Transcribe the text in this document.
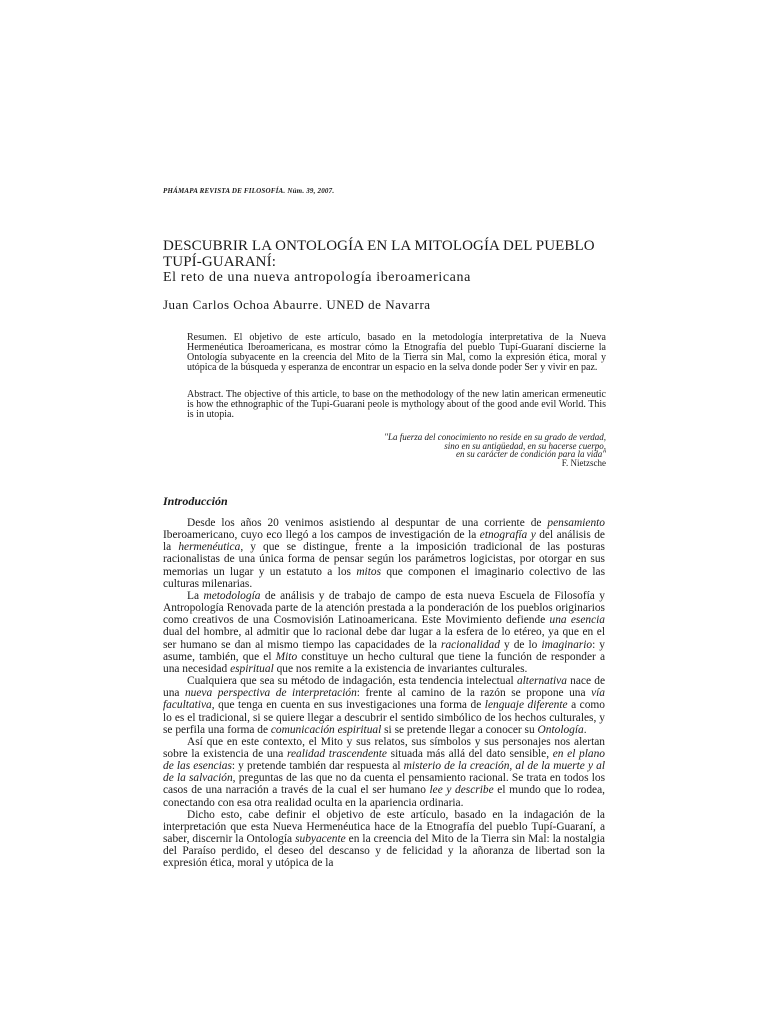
PHÁMAPA REVISTA DE FILOSOFÍA. Núm. 39, 2007.
DESCUBRIR LA ONTOLOGÍA EN LA MITOLOGÍA DEL PUEBLO
TUPÍ-GUARANÍ:
El reto de una nueva antropología iberoamericana
Juan Carlos Ochoa Abaurre. UNED de Navarra

Resumen. El objetivo de este artículo, basado en la metodología interpretativa de la Nueva Hermenéutica Iberoamericana, es mostrar cómo la Etnografía del pueblo Tupí-Guaraní discierne la Ontología subyacente en la creencia del Mito de la Tierra sin Mal, como la expresión ética, moral y utópica de la búsqueda y esperanza de encontrar un espacio en la selva donde poder Ser y vivir en paz.

Abstract. The objective of this article, to base on the methodology of the new latin american ermeneutic is how the ethnographic of the Tupi-Guarani peole is mythology about of the good ande evil World. This is in utopia.

"La fuerza del conocimiento no reside en su grado de verdad,
sino en su antigüedad, en su hacerse cuerpo,
en su carácter de condición para la vida"
F. Nietzsche
Introducción

Desde los años 20 venimos asistiendo al despuntar de una corriente de pensamiento Iberoamericano, cuyo eco llegó a los campos de investigación de la etnografía y del análisis de la hermenéutica, y que se distingue, frente a la imposición tradicional de las posturas racionalistas de una única forma de pensar según los parámetros logicistas, por otorgar en sus memorias un lugar y un estatuto a los mitos que componen el imaginario colectivo de las culturas milenarias.

La metodología de análisis y de trabajo de campo de esta nueva Escuela de Filosofía y Antropología Renovada parte de la atención prestada a la ponderación de los pueblos originarios como creativos de una Cosmovisión Latinoamericana. Este Movimiento defiende una esencia dual del hombre, al admitir que lo racional debe dar lugar a la esfera de lo etéreo, ya que en el ser humano se dan al mismo tiempo las capacidades de la racionalidad y de lo imaginario: y asume, también, que el Mito constituye un hecho cultural que tiene la función de responder a una necesidad espiritual que nos remite a la existencia de invariantes culturales.

Cualquiera que sea su método de indagación, esta tendencia intelectual alternativa nace de una nueva perspectiva de interpretación: frente al camino de la razón se propone una vía facultativa, que tenga en cuenta en sus investigaciones una forma de lenguaje diferente a como lo es el tradicional, si se quiere llegar a descubrir el sentido simbólico de los hechos culturales, y se perfila una forma de comunicación espiritual si se pretende llegar a conocer su Ontología.

Así que en este contexto, el Mito y sus relatos, sus símbolos y sus personajes nos alertan sobre la existencia de una realidad trascendente situada más allá del dato sensible, en el plano de las esencias: y pretende también dar respuesta al misterio de la creación, al de la muerte y al de la salvación, preguntas de las que no da cuenta el pensamiento racional. Se trata en todos los casos de una narración a través de la cual el ser humano lee y describe el mundo que lo rodea, conectando con esa otra realidad oculta en la apariencia ordinaria.

Dicho esto, cabe definir el objetivo de este artículo, basado en la indagación de la interpretación que esta Nueva Hermenéutica hace de la Etnografía del pueblo Tupí-Guaraní, a saber, discernir la Ontología subyacente en la creencia del Mito de la Tierra sin Mal: la nostalgia del Paraíso perdido, el deseo del descanso y de felicidad y la añoranza de libertad son la expresión ética, moral y utópica de la
